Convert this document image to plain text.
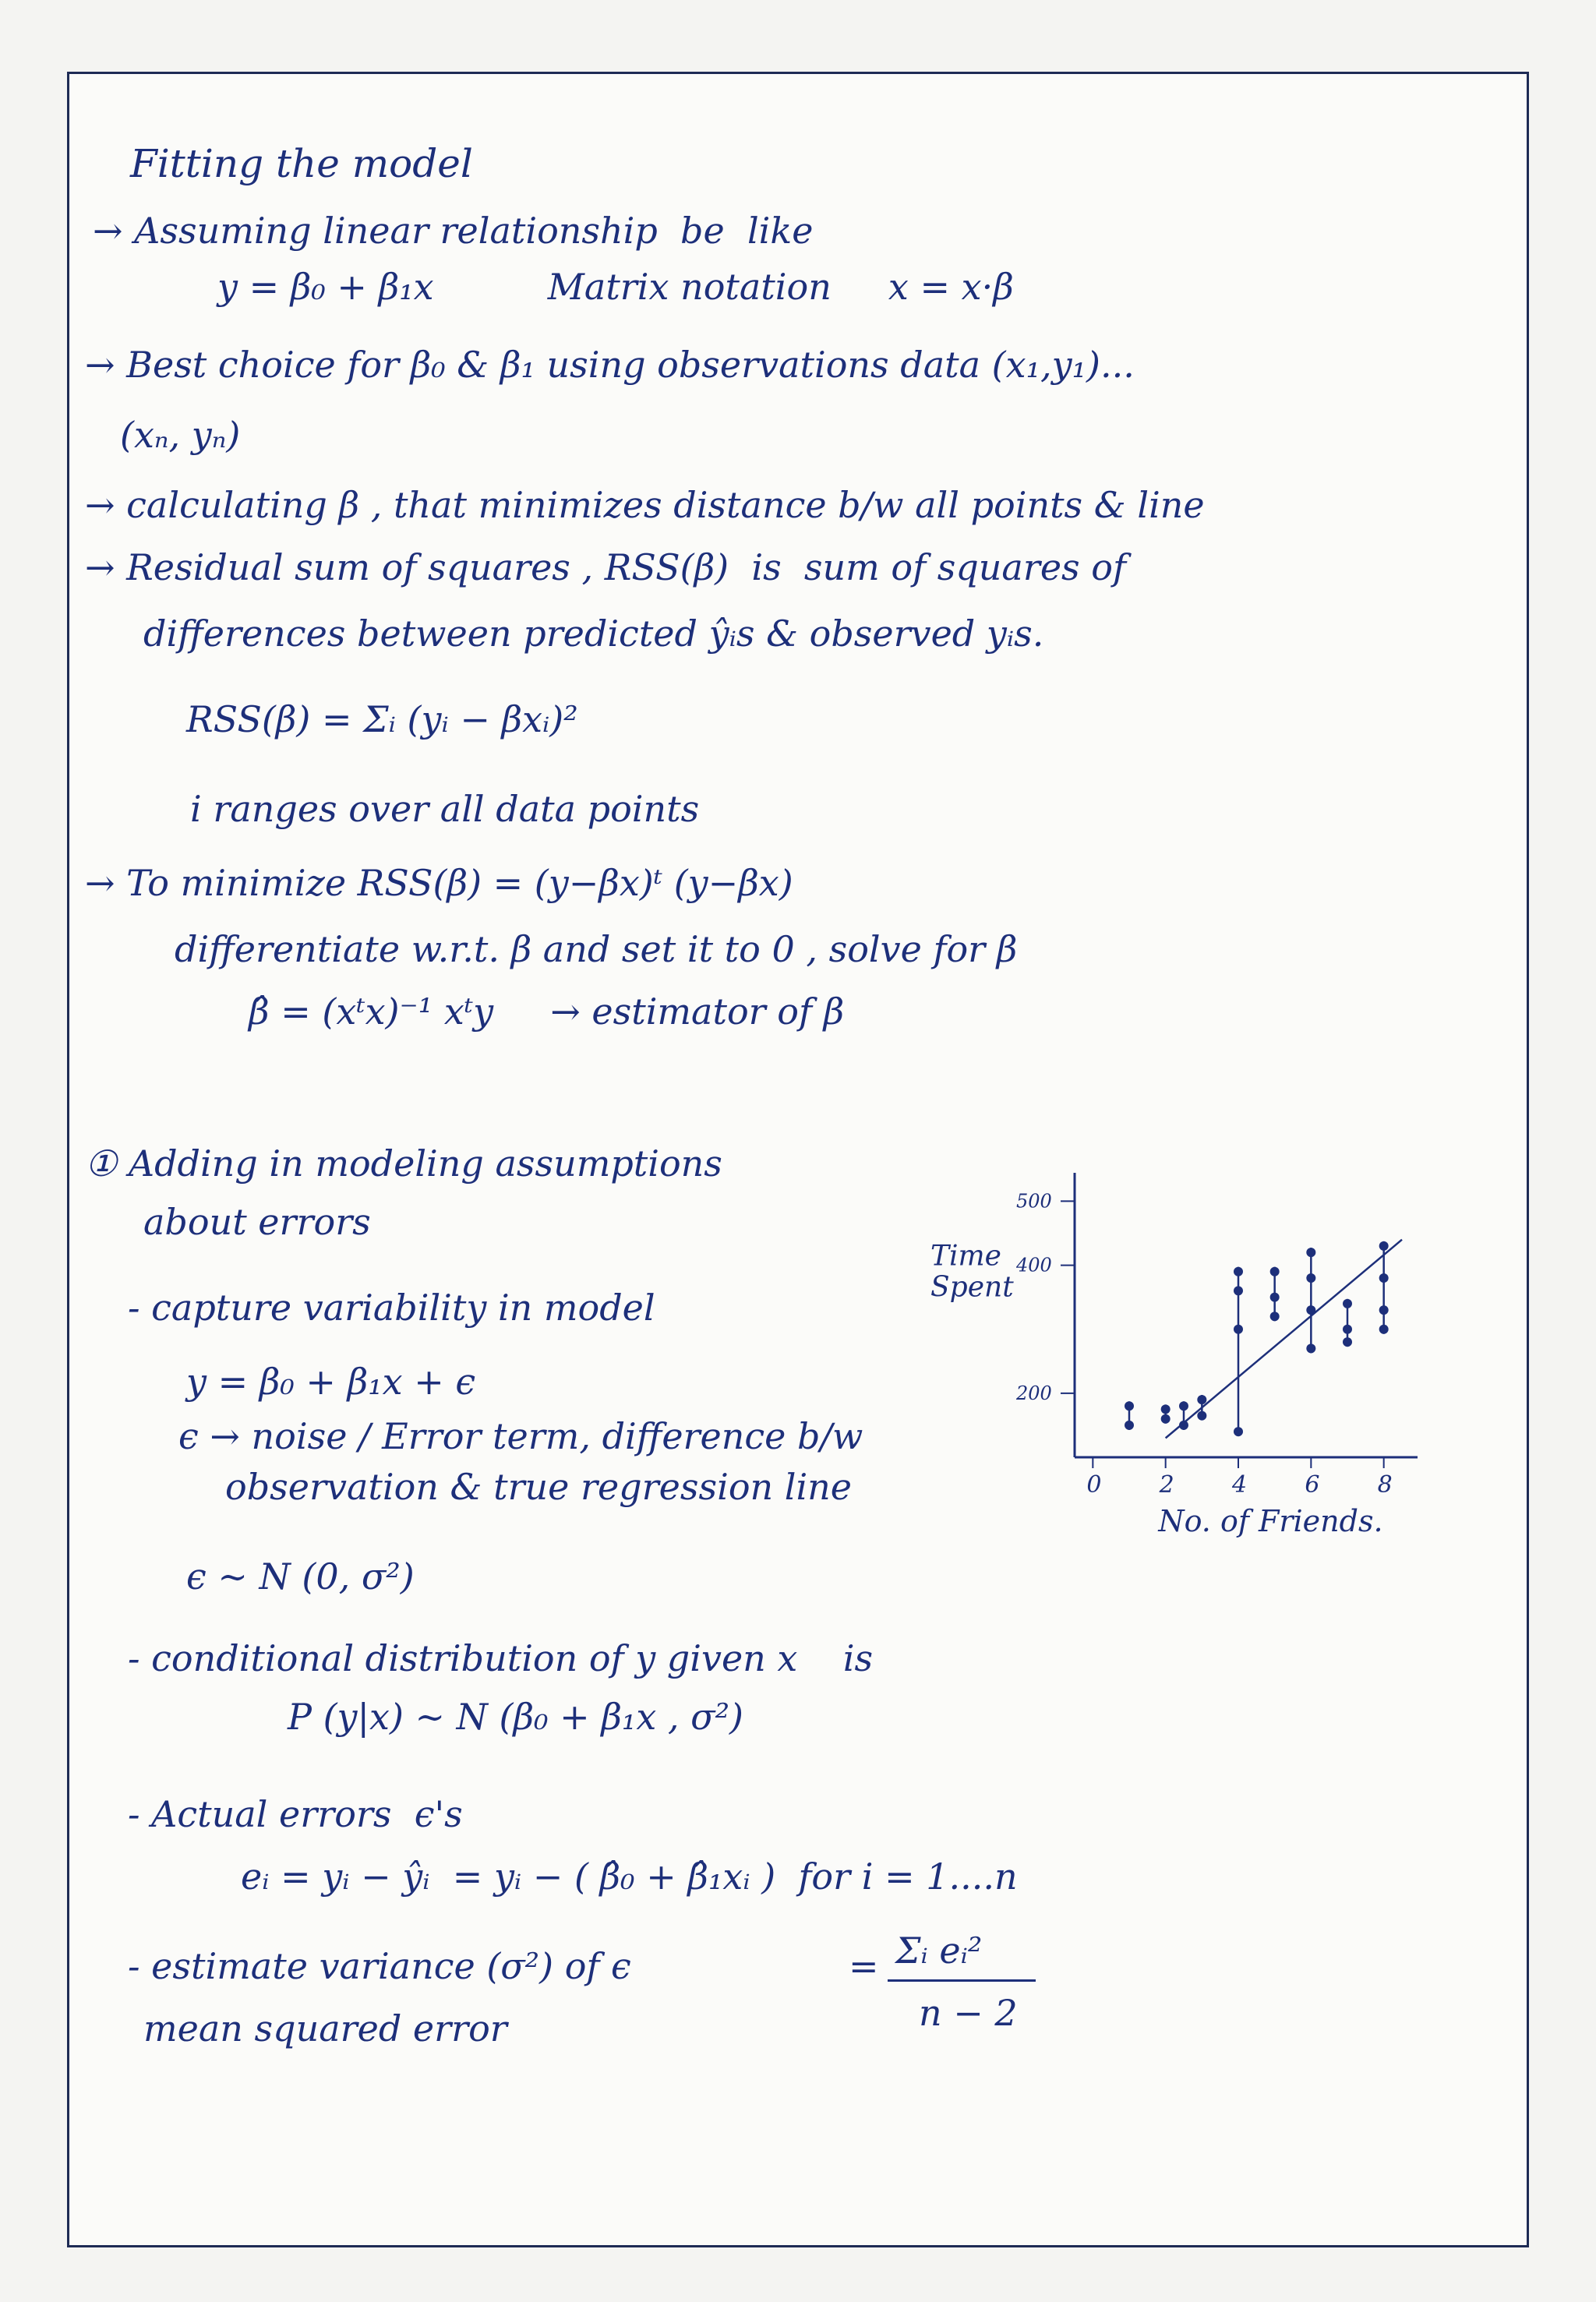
Fitting the model
→ Assuming linear relationship  be  like
y = β₀ + β₁x          Matrix notation     x = x·β
→ Best choice for β₀ & β₁ using observations data (x₁,y₁)...
(xₙ, yₙ)
→ calculating β , that minimizes distance b/w all points & line
→ Residual sum of squares , RSS(β)  is  sum of squares of
differences between predicted ŷᵢs & observed yᵢs.
RSS(β) = Σᵢ (yᵢ − βxᵢ)²
i ranges over all data points
→ To minimize RSS(β) = (y−βx)ᵗ (y−βx)
differentiate w.r.t. β and set it to 0 , solve for β
β̂ = (xᵗx)⁻¹ xᵗy     → estimator of β
① Adding in modeling assumptions
about errors
- capture variability in model
y = β₀ + β₁x + ϵ
ϵ → noise / Error term, difference b/w
observation & true regression line
ϵ ∼ N (0, σ²)
- conditional distribution of y given x    is
P (y|x) ∼ N (β₀ + β₁x , σ²)
- Actual errors  ϵ's
eᵢ = yᵢ − ŷᵢ  = yᵢ − ( β̂₀ + β̂₁xᵢ )  for i = 1....n
- estimate variance (σ²) of ϵ	= Σᵢ eᵢ²
n − 2
mean squared error
0 2 4 6 8
200
400
500
Time
Spent
No. of Friends.
